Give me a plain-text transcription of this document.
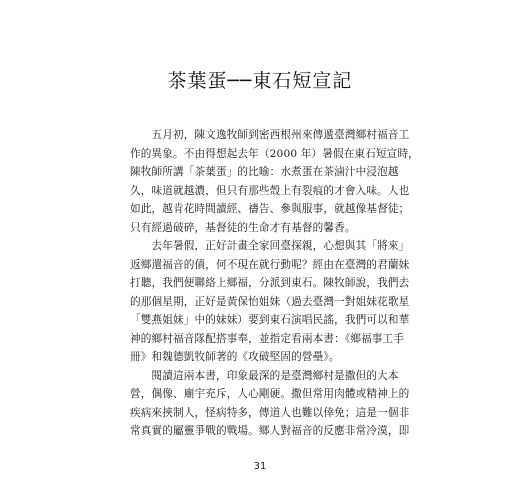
茶葉蛋──東石短宣記
　　五月初，陳文逸牧師到密西根州來傳遞臺灣鄉村福音工
作的異象。不由得想起去年（2000 年）暑假在東石短宣時，
陳牧師所講「茶葉蛋」的比喻：水煮蛋在茶滷汁中浸泡越
久，味道就越濃，但只有那些殼上有裂痕的才會入味。人也
如此，越肯花時間讀經、禱告、參與服事，就越像基督徒；
只有經過破碎，基督徒的生命才有基督的馨香。
　　去年暑假，正好計畫全家回臺探親，心想與其「將來」
返鄉還福音的債，何不現在就行動呢？經由在臺灣的君蘭妹
打聽，我們便聯絡上鄉福，分派到東石。陳牧師說，我們去
的那個星期，正好是黃保怡姐妹（過去臺灣一對姐妹花歌星
「雙燕姐妹」中的妹妹）要到東石演唱民謠，我們可以和華
神的鄉村福音隊配搭事奉，並指定看兩本書：《鄉福事工手
冊》和魏德凱牧師著的《攻破堅固的營壘》。
　　閱讀這兩本書，印象最深的是臺灣鄉村是撒但的大本
營，偶像、廟宇充斥，人心剛硬。撒但常用肉體或精神上的
疾病來挾制人，怪病特多，傳道人也難以倖免；這是一個非
常真實的屬靈爭戰的戰場。鄉人對福音的反應非常冷漠，即
31
